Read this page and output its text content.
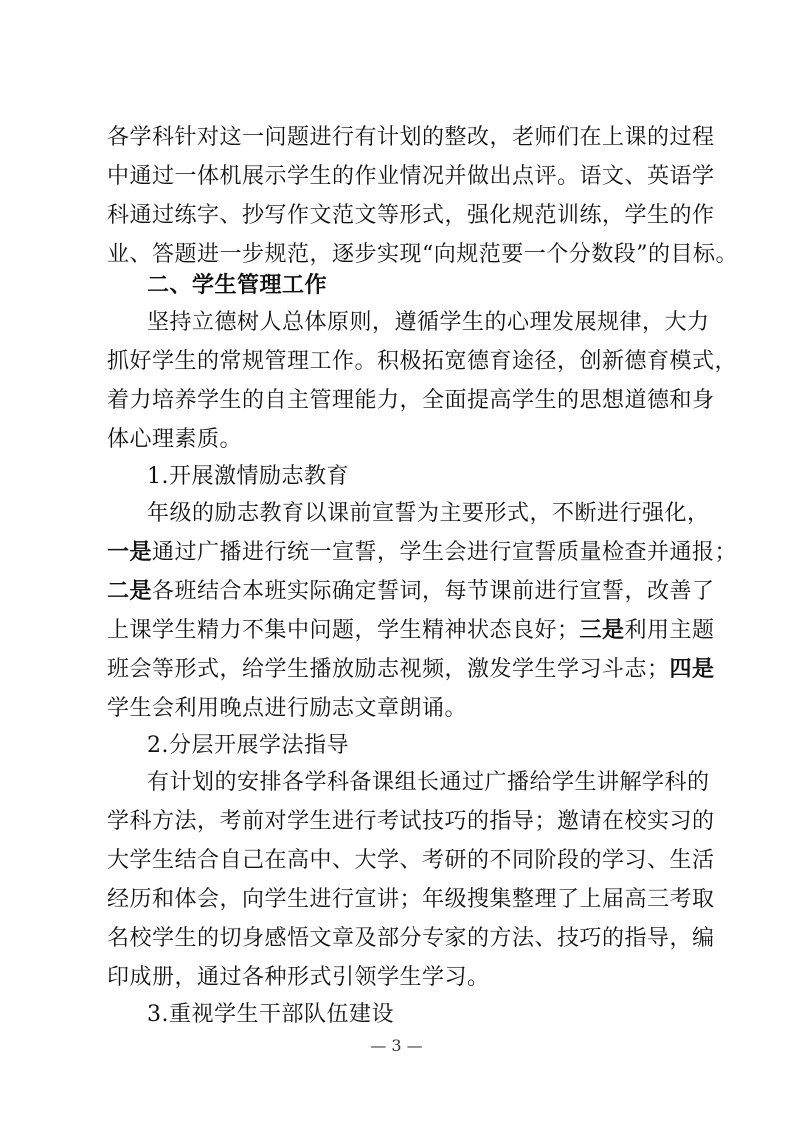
各学科针对这一问题进行有计划的整改，老师们在上课的过程
中通过一体机展示学生的作业情况并做出点评。语文、英语学
科通过练字、抄写作文范文等形式，强化规范训练，学生的作
业、答题进一步规范，逐步实现“向规范要一个分数段”的目标。
二、学生管理工作
坚持立德树人总体原则，遵循学生的心理发展规律，大力
抓好学生的常规管理工作。积极拓宽德育途径，创新德育模式，
着力培养学生的自主管理能力，全面提高学生的思想道德和身
体心理素质。
1.开展激情励志教育
年级的励志教育以课前宣誓为主要形式，不断进行强化，
一是通过广播进行统一宣誓，学生会进行宣誓质量检查并通报；
二是各班结合本班实际确定誓词，每节课前进行宣誓，改善了
上课学生精力不集中问题，学生精神状态良好；三是利用主题
班会等形式，给学生播放励志视频，激发学生学习斗志；四是
学生会利用晚点进行励志文章朗诵。
2.分层开展学法指导
有计划的安排各学科备课组长通过广播给学生讲解学科的
学科方法，考前对学生进行考试技巧的指导；邀请在校实习的
大学生结合自己在高中、大学、考研的不同阶段的学习、生活
经历和体会，向学生进行宣讲；年级搜集整理了上届高三考取
名校学生的切身感悟文章及部分专家的方法、技巧的指导，编
印成册，通过各种形式引领学生学习。
3.重视学生干部队伍建设
— 3 —
